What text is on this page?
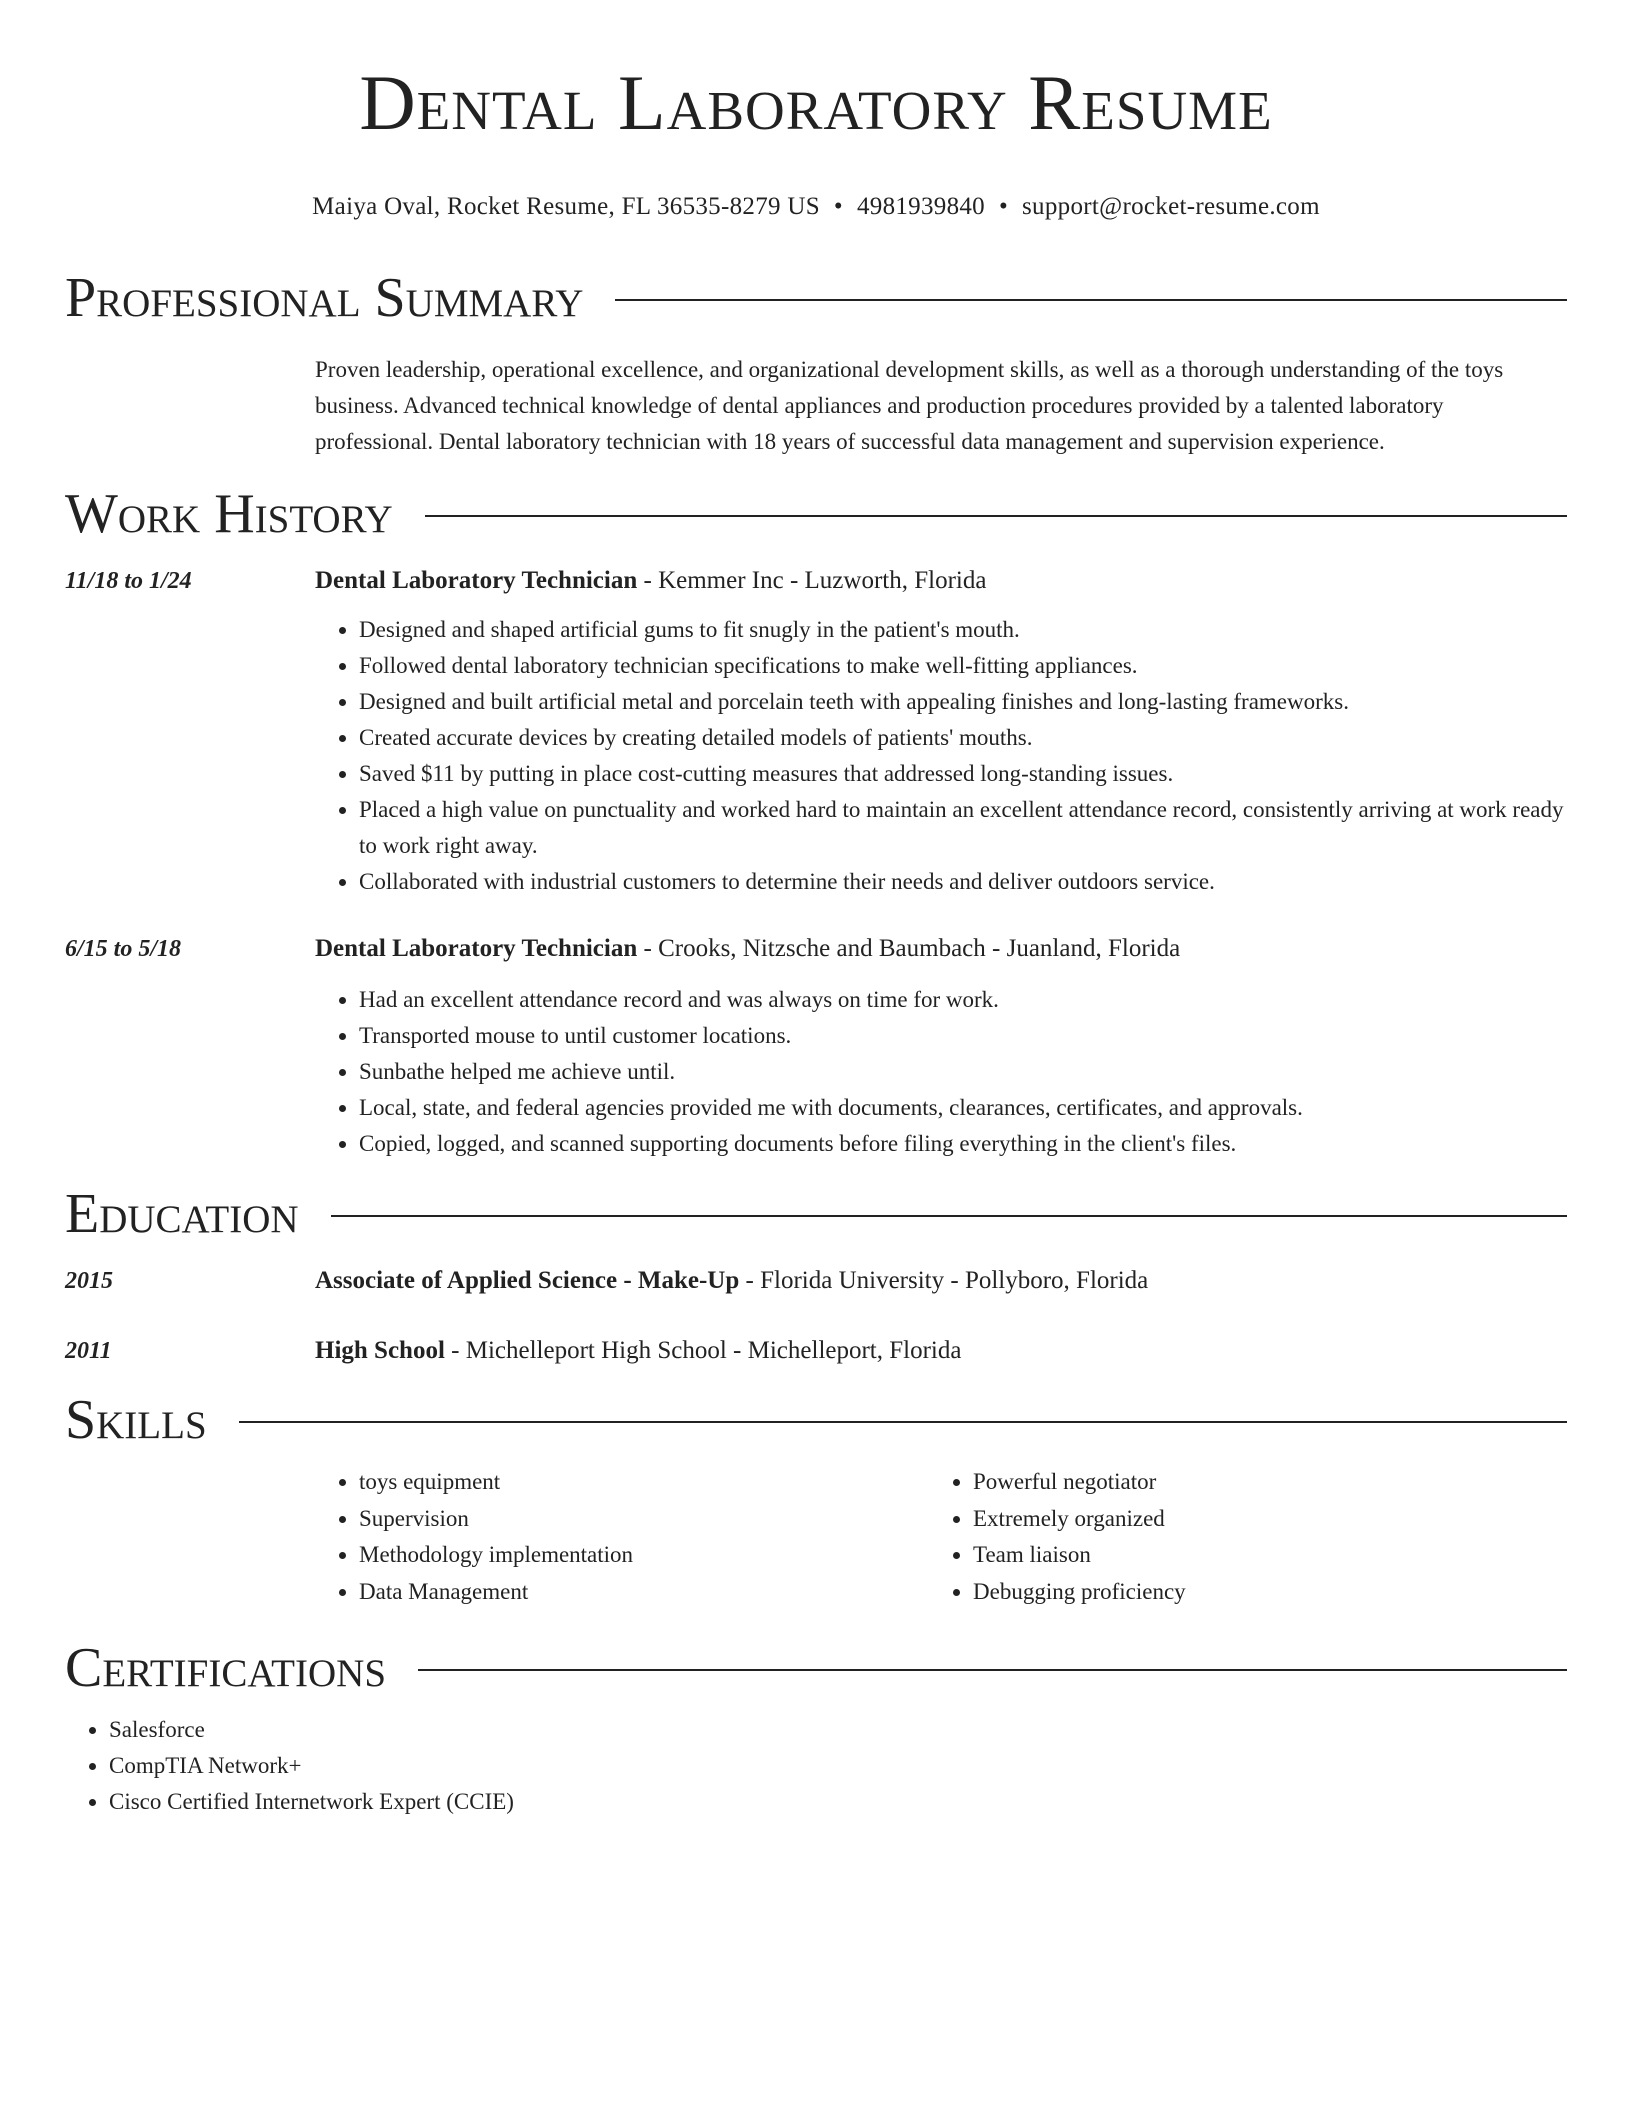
Dental Laboratory Resume
Maiya Oval, Rocket Resume, FL 36535-8279 US • 4981939840 • support@rocket-resume.com
Professional Summary
Proven leadership, operational excellence, and organizational development skills, as well as a thorough understanding of the toys business. Advanced technical knowledge of dental appliances and production procedures provided by a talented laboratory professional. Dental laboratory technician with 18 years of successful data management and supervision experience.
Work History
11/18 to 1/24	Dental Laboratory Technician - Kemmer Inc - Luzworth, Florida
• Designed and shaped artificial gums to fit snugly in the patient's mouth.
• Followed dental laboratory technician specifications to make well-fitting appliances.
• Designed and built artificial metal and porcelain teeth with appealing finishes and long-lasting frameworks.
• Created accurate devices by creating detailed models of patients' mouths.
• Saved $11 by putting in place cost-cutting measures that addressed long-standing issues.
• Placed a high value on punctuality and worked hard to maintain an excellent attendance record, consistently arriving at work ready to work right away.
• Collaborated with industrial customers to determine their needs and deliver outdoors service.
6/15 to 5/18	Dental Laboratory Technician - Crooks, Nitzsche and Baumbach - Juanland, Florida
• Had an excellent attendance record and was always on time for work.
• Transported mouse to until customer locations.
• Sunbathe helped me achieve until.
• Local, state, and federal agencies provided me with documents, clearances, certificates, and approvals.
• Copied, logged, and scanned supporting documents before filing everything in the client's files.
Education
2015	Associate of Applied Science - Make-Up - Florida University - Pollyboro, Florida
2011	High School - Michelleport High School - Michelleport, Florida
Skills
• toys equipment
• Supervision
• Methodology implementation
• Data Management
• Powerful negotiator
• Extremely organized
• Team liaison
• Debugging proficiency
Certifications
• Salesforce
• CompTIA Network+
• Cisco Certified Internetwork Expert (CCIE)
